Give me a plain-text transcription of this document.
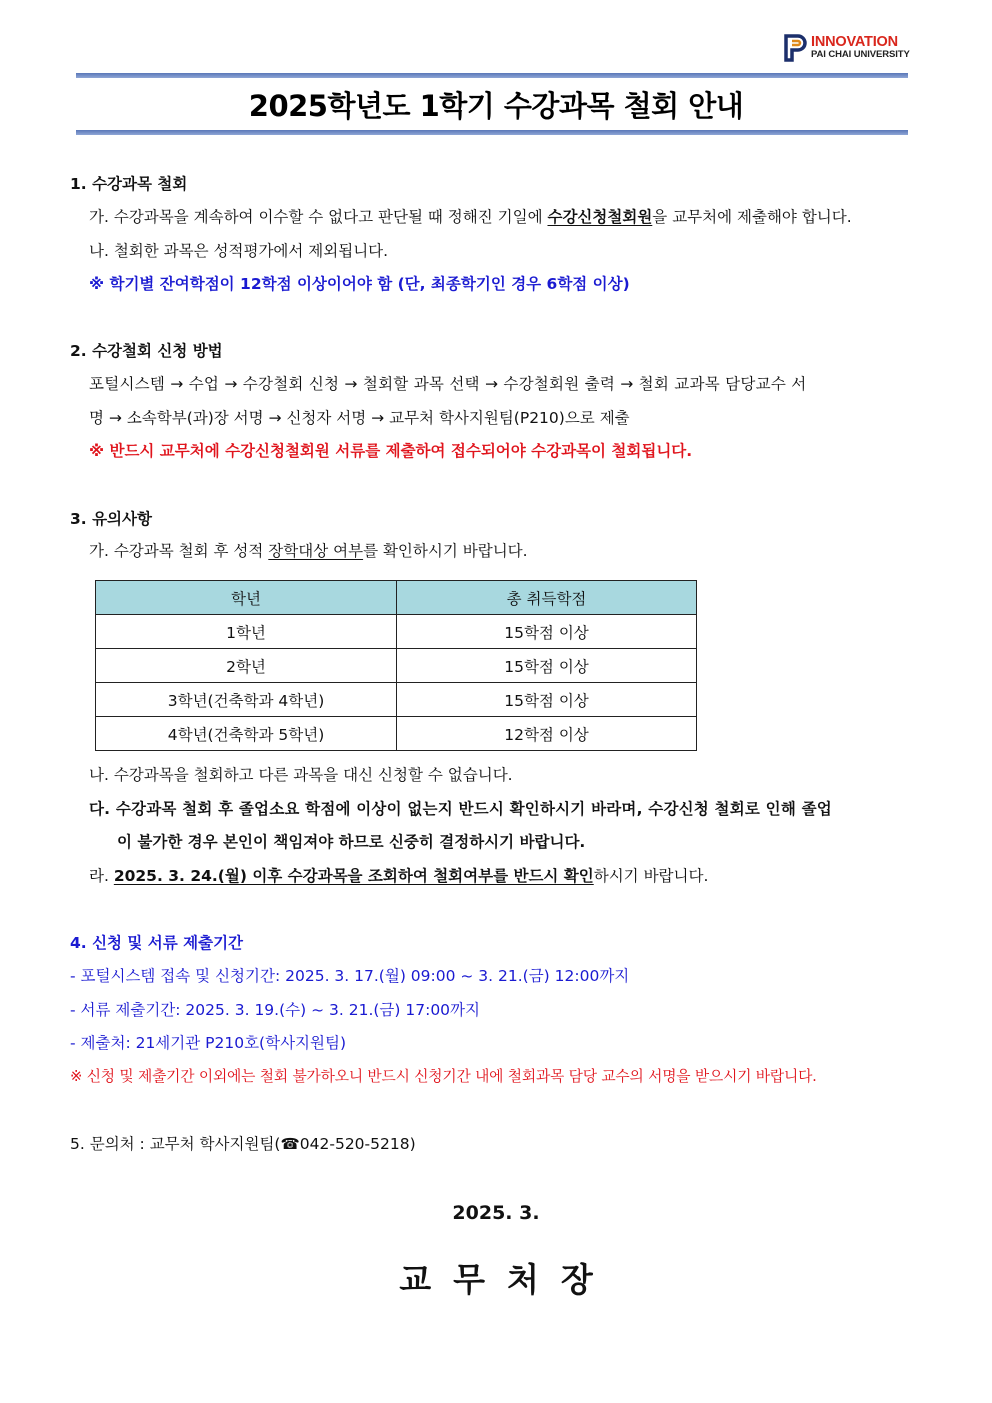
INNOVATION
PAI CHAI UNIVERSITY
2025학년도 1학기 수강과목 철회 안내
1. 수강과목 철회
가. 수강과목을 계속하여 이수할 수 없다고 판단될 때 정해진 기일에 수강신청철회원을 교무처에 제출해야 합니다.
나. 철회한 과목은 성적평가에서 제외됩니다.
※ 학기별 잔여학점이 12학점 이상이어야 함 (단, 최종학기인 경우 6학점 이상)
2. 수강철회 신청 방법
포털시스템 → 수업 → 수강철회 신청 → 철회할 과목 선택 → 수강철회원 출력 → 철회 교과목 담당교수 서
명 → 소속학부(과)장 서명 → 신청자 서명 → 교무처 학사지원팀(P210)으로 제출
※ 반드시 교무처에 수강신청철회원 서류를 제출하여 접수되어야 수강과목이 철회됩니다.
3. 유의사항
가. 수강과목 철회 후 성적 장학대상 여부를 확인하시기 바랍니다.
학년	총 취득학점
1학년	15학점 이상
2학년	15학점 이상
3학년(건축학과 4학년)	15학점 이상
4학년(건축학과 5학년)	12학점 이상
나. 수강과목을 철회하고 다른 과목을 대신 신청할 수 없습니다.
다. 수강과목 철회 후 졸업소요 학점에 이상이 없는지 반드시 확인하시기 바라며, 수강신청 철회로 인해 졸업
이 불가한 경우 본인이 책임져야 하므로 신중히 결정하시기 바랍니다.
라. 2025. 3. 24.(월) 이후 수강과목을 조회하여 철회여부를 반드시 확인하시기 바랍니다.
4. 신청 및 서류 제출기간
- 포털시스템 접속 및 신청기간: 2025. 3. 17.(월) 09:00 ~ 3. 21.(금) 12:00까지
- 서류 제출기간: 2025. 3. 19.(수) ~ 3. 21.(금) 17:00까지
- 제출처: 21세기관 P210호(학사지원팀)
※ 신청 및 제출기간 이외에는 철회 불가하오니 반드시 신청기간 내에 철회과목 담당 교수의 서명을 받으시기 바랍니다.
5. 문의처 : 교무처 학사지원팀(☎042-520-5218)
2025. 3.
교무처장
